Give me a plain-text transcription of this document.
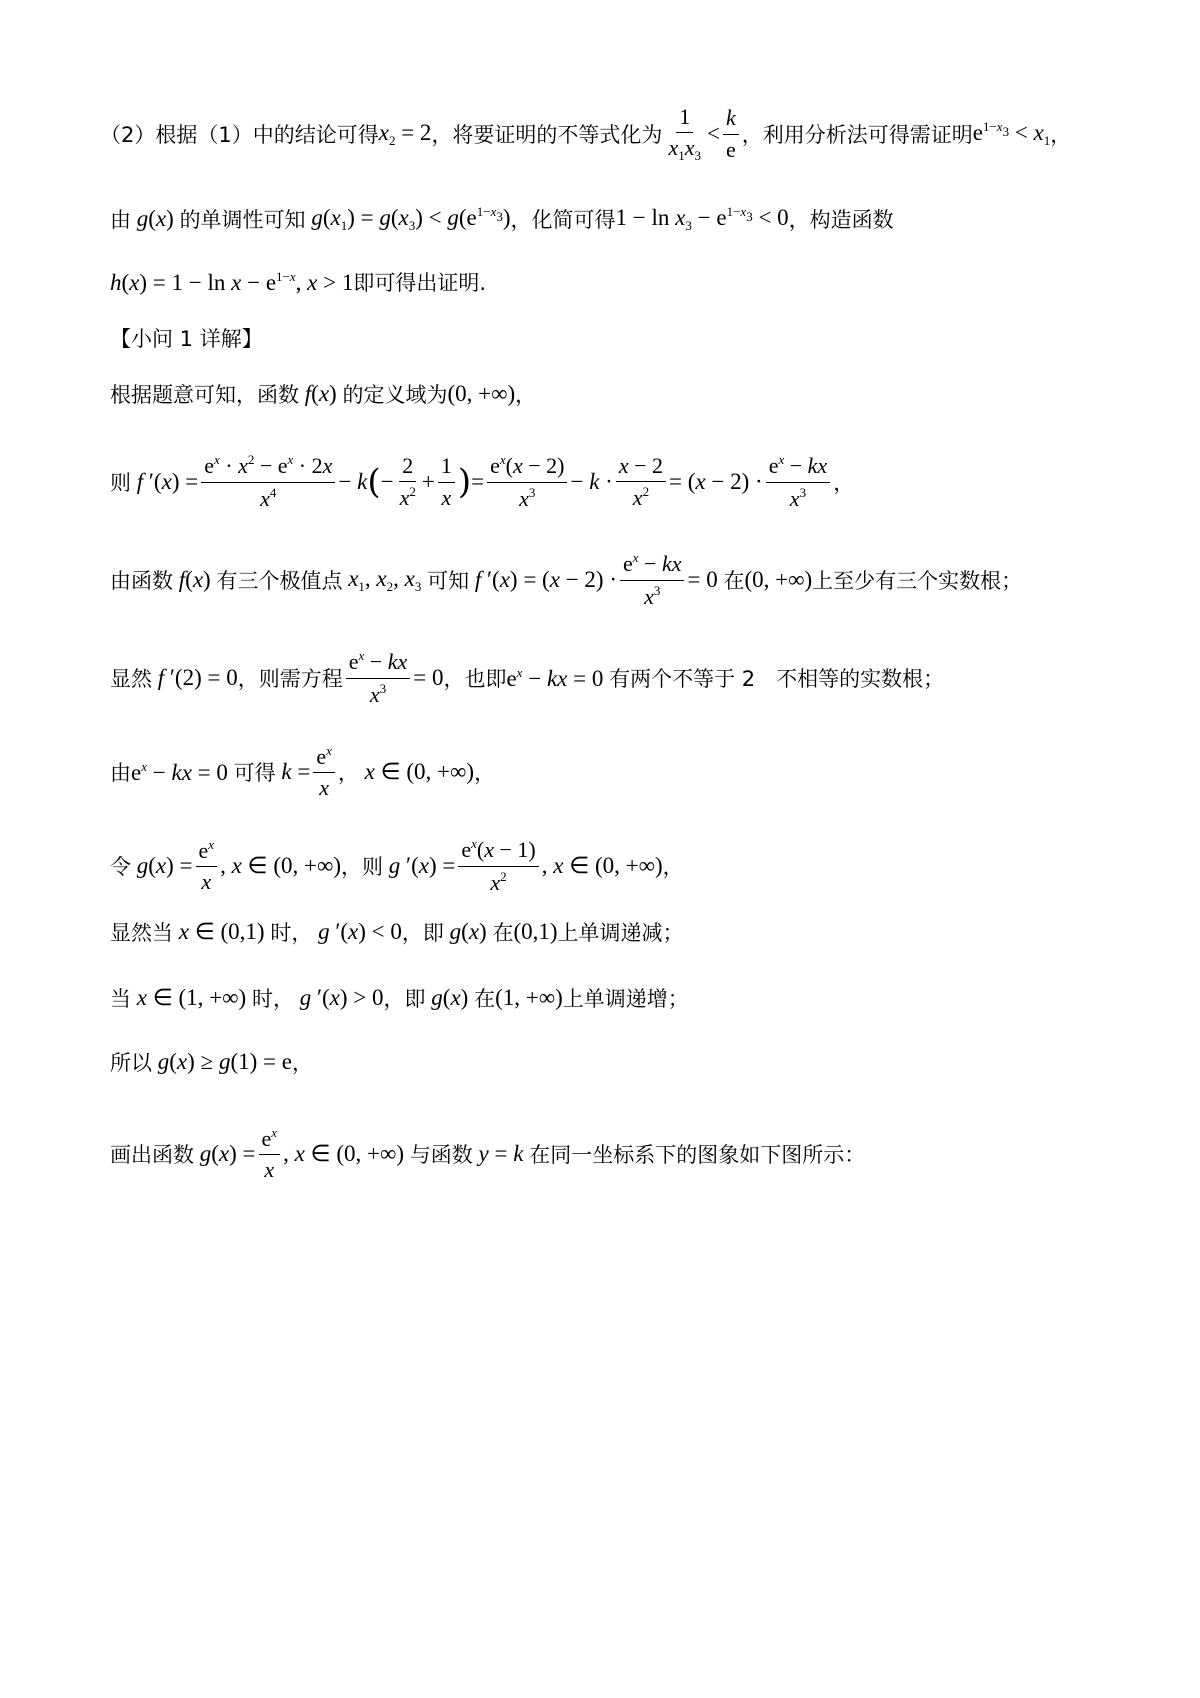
（2）根据（1）中的结论可得 $x_2 = 2$ ，将要证明的不等式化为 $\frac{1}{x_1x_3} < \frac{k}{e}$ ，利用分析法可得需证明 $e^{1-x_3} < x_1$ ，
由 g(x) 的单调性可知 $g(x_1) = g(x_3) < g(e^{1-x_3})$ ，化简可得 $1 - \ln x_3 - e^{1-x_3} < 0$ ，构造函数
$h(x) = 1 - \ln x - e^{1-x}$, x > 1 即可得出证明.
【小问 1 详解】
根据题意可知，函数 f(x) 的定义域为 (0, +∞) ，
则 f $'(x) = \frac{e^x \cdot x^2 - e^x \cdot 2x}{x^4} - k$ ( − $\frac{2}{x^2} + \frac{1}{x}$ ) = $\frac{e^x(x - 2)}{x^3} - k \cdot \frac{x - 2}{x^2} = (x - 2) \cdot \frac{e^x - kx}{x^3}$ ，
由函数 f(x) 有三个极值点 $x_1$, $x_2$, $x_3$ 可知 f $'(x) = (x - 2) \cdot \frac{e^x - kx}{x^3} = 0$ 在 (0, +∞) 上至少有三个实数根；
显然 f ′(2) = 0 ，则需方程 $\frac{e^x - kx}{x^3} = 0$ ，也即 $e^x$ − kx = 0 有两个不等于 2　不相等的实数根；
由 $e^x$ − kx = 0 可得 $k = \frac{e^x}{x}$ ， x ∈ (0, +∞) ，
令 $g(x) = \frac{e^x}{x}$ , x ∈ (0, +∞) ，则 g $'(x) = \frac{e^x(x - 1)}{x^2}$ , x ∈ (0, +∞) ，
显然当 x ∈ (0,1) 时， g ′(x) < 0 ，即 g(x) 在 (0,1) 上单调递减；
当 x ∈ (1, +∞) 时， g ′(x) > 0 ，即 g(x) 在 (1, +∞) 上单调递增；
所以 g(x) ≥ g(1) = e ，
画出函数 $g(x) = \frac{e^x}{x}$ , x ∈ (0, +∞) 与函数 y = k 在同一坐标系下的图象如下图所示：
